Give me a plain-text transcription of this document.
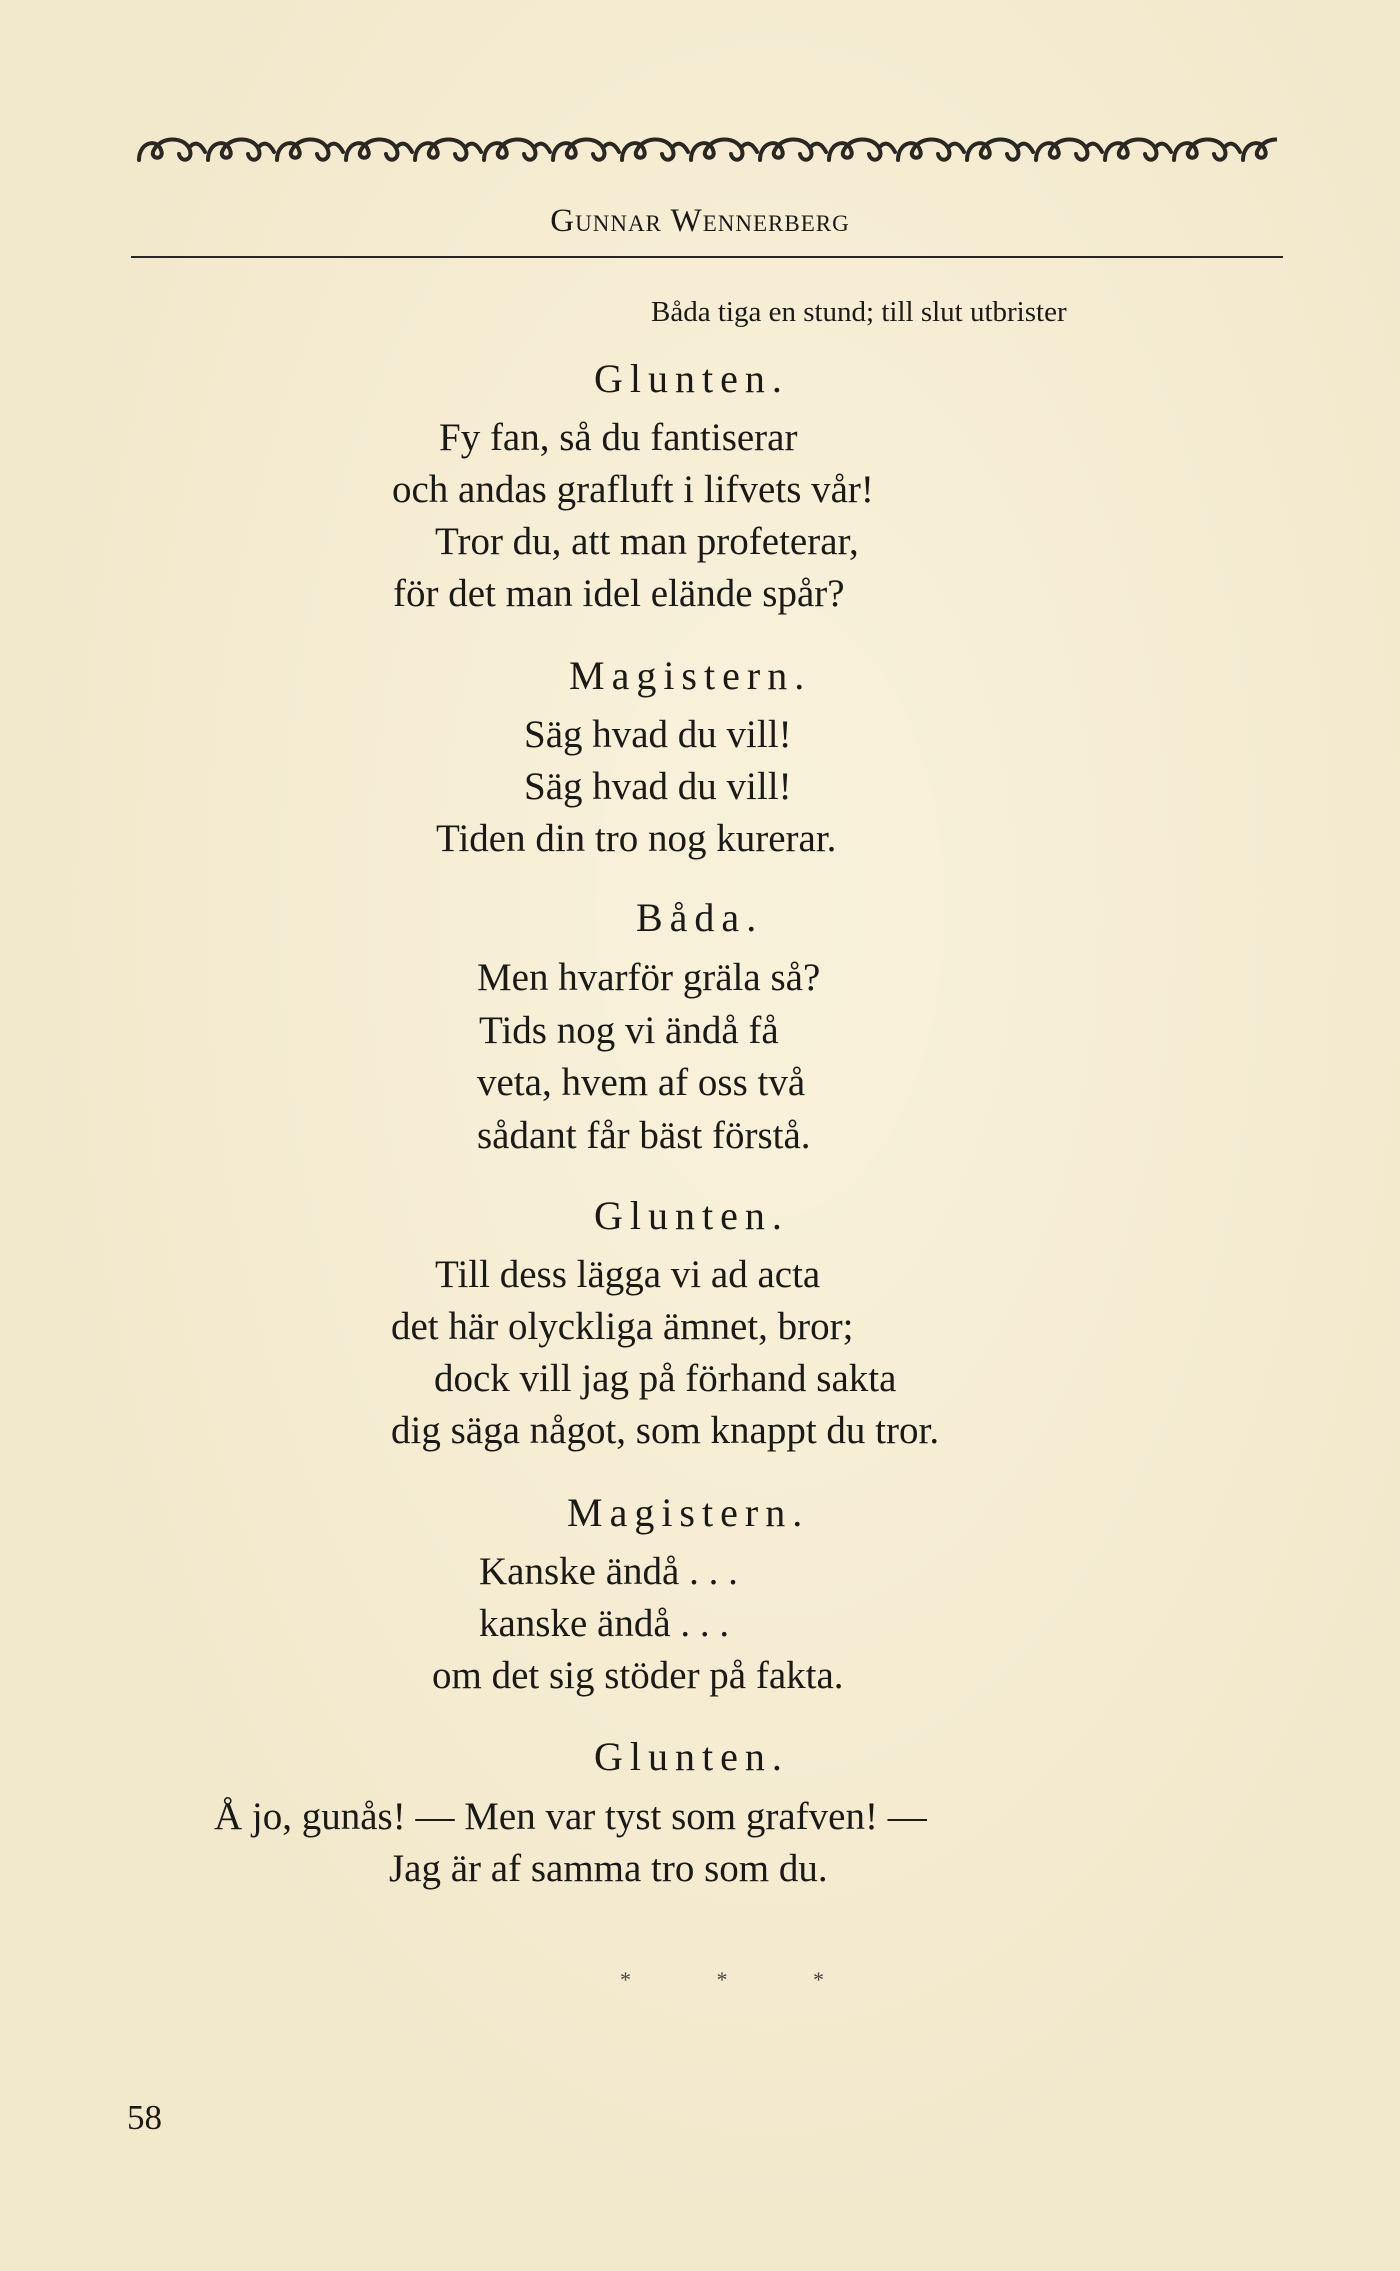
Gunnar Wennerberg
Båda tiga en stund; till slut utbrister
Glunten.
Fy fan, så du fantiserar
och andas grafluft i lifvets vår!
Tror du, att man profeterar,
för det man idel elände spår?
Magistern.
Säg hvad du vill!
Säg hvad du vill!
Tiden din tro nog kurerar.
Båda.
Men hvarför gräla så?
Tids nog vi ändå få
veta, hvem af oss två
sådant får bäst förstå.
Glunten.
Till dess lägga vi ad acta
det här olyckliga ämnet, bror;
dock vill jag på förhand sakta
dig säga något, som knappt du tror.
Magistern.
Kanske ändå . . .
kanske ändå . . .
om det sig stöder på fakta.
Glunten.
Å jo, gunås! — Men var tyst som grafven! —
Jag är af samma tro som du.
* * *
58
